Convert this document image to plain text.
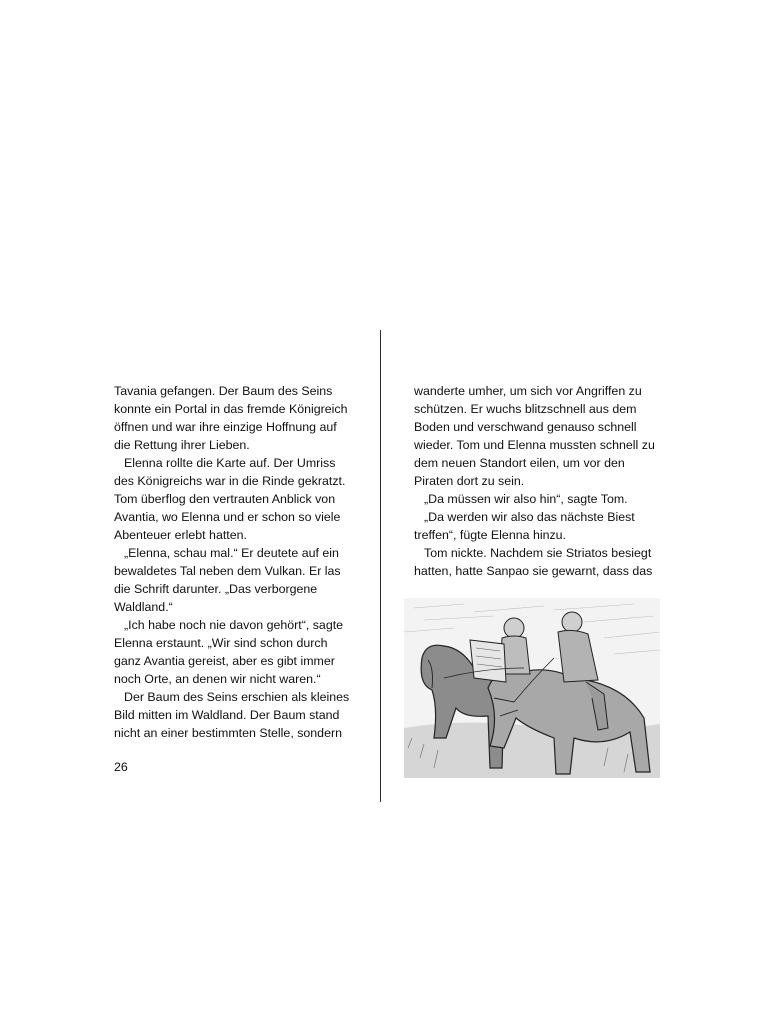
Tavania gefangen. Der Baum des Seins
konnte ein Portal in das fremde Königreich
öffnen und war ihre einzige Hoffnung auf
die Rettung ihrer Lieben.

Elenna rollte die Karte auf. Der Umriss
des Königreichs war in die Rinde gekratzt.
Tom überflog den vertrauten Anblick von
Avantia, wo Elenna und er schon so viele
Abenteuer erlebt hatten.

„Elenna, schau mal.“ Er deutete auf ein
bewaldetes Tal neben dem Vulkan. Er las
die Schrift darunter. „Das verborgene
Waldland.“

„Ich habe noch nie davon gehört“, sagte
Elenna erstaunt. „Wir sind schon durch
ganz Avantia gereist, aber es gibt immer
noch Orte, an denen wir nicht waren.“

Der Baum des Seins erschien als kleines
Bild mitten im Waldland. Der Baum stand
nicht an einer bestimmten Stelle, sondern

wanderte umher, um sich vor Angriffen zu
schützen. Er wuchs blitzschnell aus dem
Boden und verschwand genauso schnell
wieder. Tom und Elenna mussten schnell zu
dem neuen Standort eilen, um vor den
Piraten dort zu sein.

„Da müssen wir also hin“, sagte Tom.

„Da werden wir also das nächste Biest
treffen“, fügte Elenna hinzu.

Tom nickte. Nachdem sie Striatos besiegt
hatten, hatte Sanpao sie gewarnt, dass das

26
